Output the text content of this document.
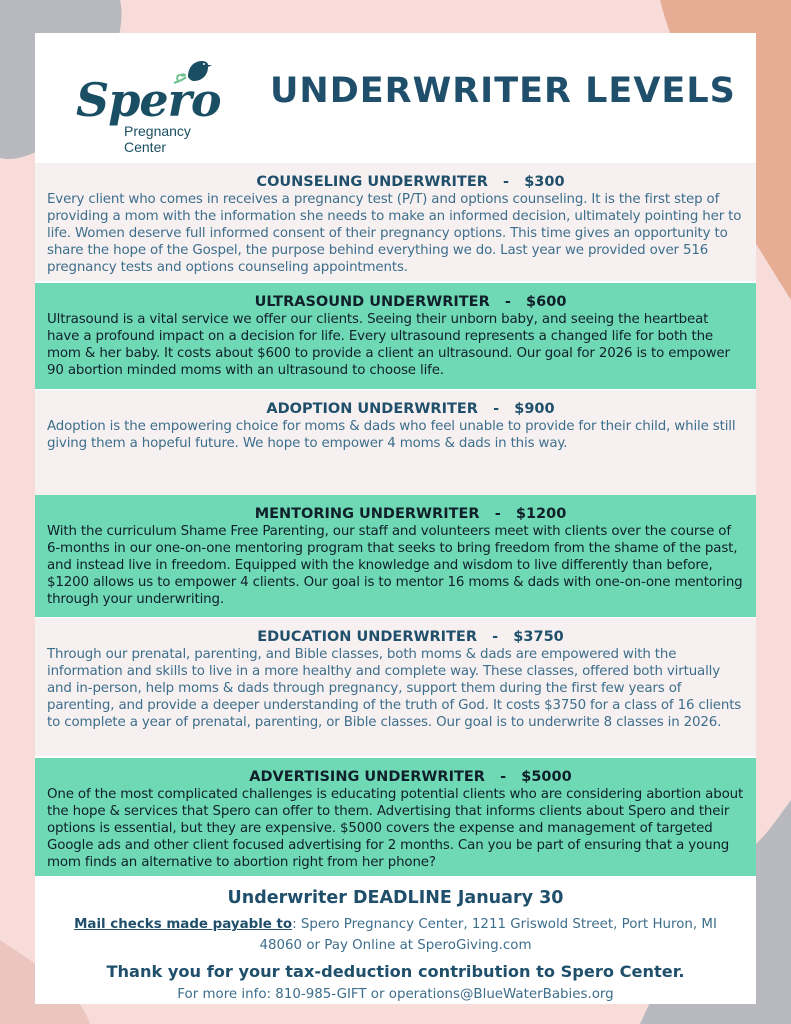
Spero
Pregnancy Center
UNDERWRITER LEVELS
COUNSELING UNDERWRITER   -   $300
Every client who comes in receives a pregnancy test (P/T) and options counseling. It is the first step of providing a mom with the information she needs to make an informed decision, ultimately pointing her to life. Women deserve full informed consent of their pregnancy options. This time gives an opportunity to share the hope of the Gospel, the purpose behind everything we do. Last year we provided over 516 pregnancy tests and options counseling appointments.
ULTRASOUND UNDERWRITER   -   $600
Ultrasound is a vital service we offer our clients. Seeing their unborn baby, and seeing the heartbeat have a profound impact on a decision for life. Every ultrasound represents a changed life for both the mom & her baby. It costs about $600 to provide a client an ultrasound. Our goal for 2026 is to empower 90 abortion minded moms with an ultrasound to choose life.
ADOPTION UNDERWRITER   -   $900
Adoption is the empowering choice for moms & dads who feel unable to provide for their child, while still giving them a hopeful future. We hope to empower 4 moms & dads in this way.
MENTORING UNDERWRITER   -   $1200
With the curriculum Shame Free Parenting, our staff and volunteers meet with clients over the course of 6-months in our one-on-one mentoring program that seeks to bring freedom from the shame of the past, and instead live in freedom. Equipped with the knowledge and wisdom to live differently than before, $1200 allows us to empower 4 clients. Our goal is to mentor 16 moms & dads with one-on-one mentoring through your underwriting.
EDUCATION UNDERWRITER   -   $3750
Through our prenatal, parenting, and Bible classes, both moms & dads are empowered with the information and skills to live in a more healthy and complete way. These classes, offered both virtually and in-person, help moms & dads through pregnancy, support them during the first few years of parenting, and provide a deeper understanding of the truth of God. It costs $3750 for a class of 16 clients to complete a year of prenatal, parenting, or Bible classes. Our goal is to underwrite 8 classes in 2026.
ADVERTISING UNDERWRITER   -   $5000
One of the most complicated challenges is educating potential clients who are considering abortion about the hope & services that Spero can offer to them. Advertising that informs clients about Spero and their options is essential, but they are expensive. $5000 covers the expense and management of targeted Google ads and other client focused advertising for 2 months. Can you be part of ensuring that a young mom finds an alternative to abortion right from her phone?
Underwriter DEADLINE January 30
Mail checks made payable to: Spero Pregnancy Center, 1211 Griswold Street, Port Huron, MI 48060 or Pay Online at SperoGiving.com
Thank you for your tax-deduction contribution to Spero Center.
For more info: 810-985-GIFT or operations@BlueWaterBabies.org
